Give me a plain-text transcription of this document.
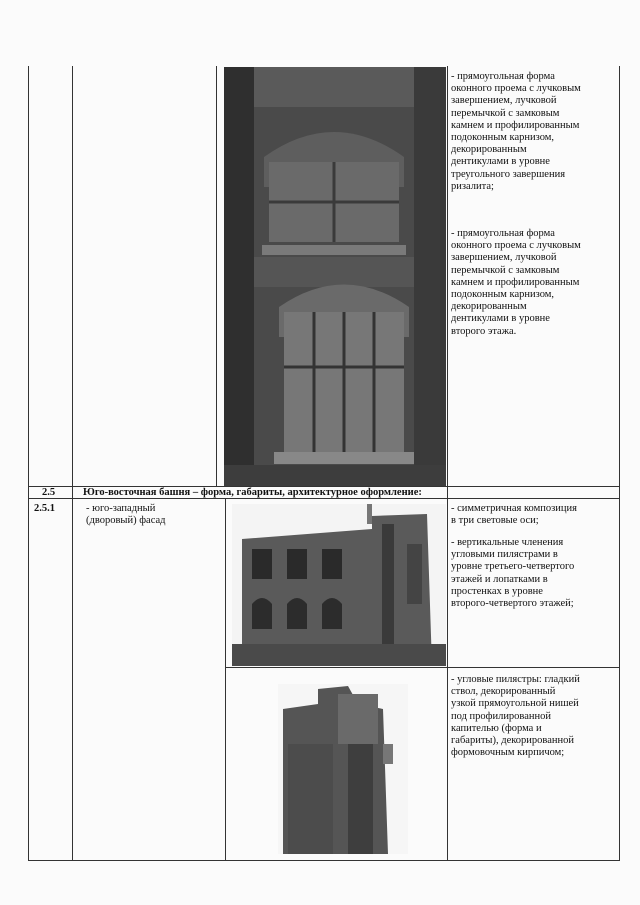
- прямоугольная форма
оконного проема с лучковым
завершением, лучковой
перемычкой с замковым
камнем и профилированным
подоконным карнизом,
декорированным
дентикулами в уровне
треугольного завершения
ризалита;
- прямоугольная форма
оконного проема с лучковым
завершением, лучковой
перемычкой с замковым
камнем и профилированным
подоконным карнизом,
декорированным
дентикулами в уровне
второго этажа.
2.5	Юго-восточная башня – форма, габариты, архитектурное оформление:
2.5.1	- юго-западный
(дворовый) фасад
- симметричная композиция
в три световые оси;
- вертикальные членения
угловыми пилястрами в
уровне третьего-четвертого
этажей и лопатками в
простенках в уровне
второго-четвертого этажей;
- угловые пилястры: гладкий
ствол, декорированный
узкой прямоугольной нишей
под профилированной
капителью (форма и
габариты), декорированной
формовочным кирпичом;
